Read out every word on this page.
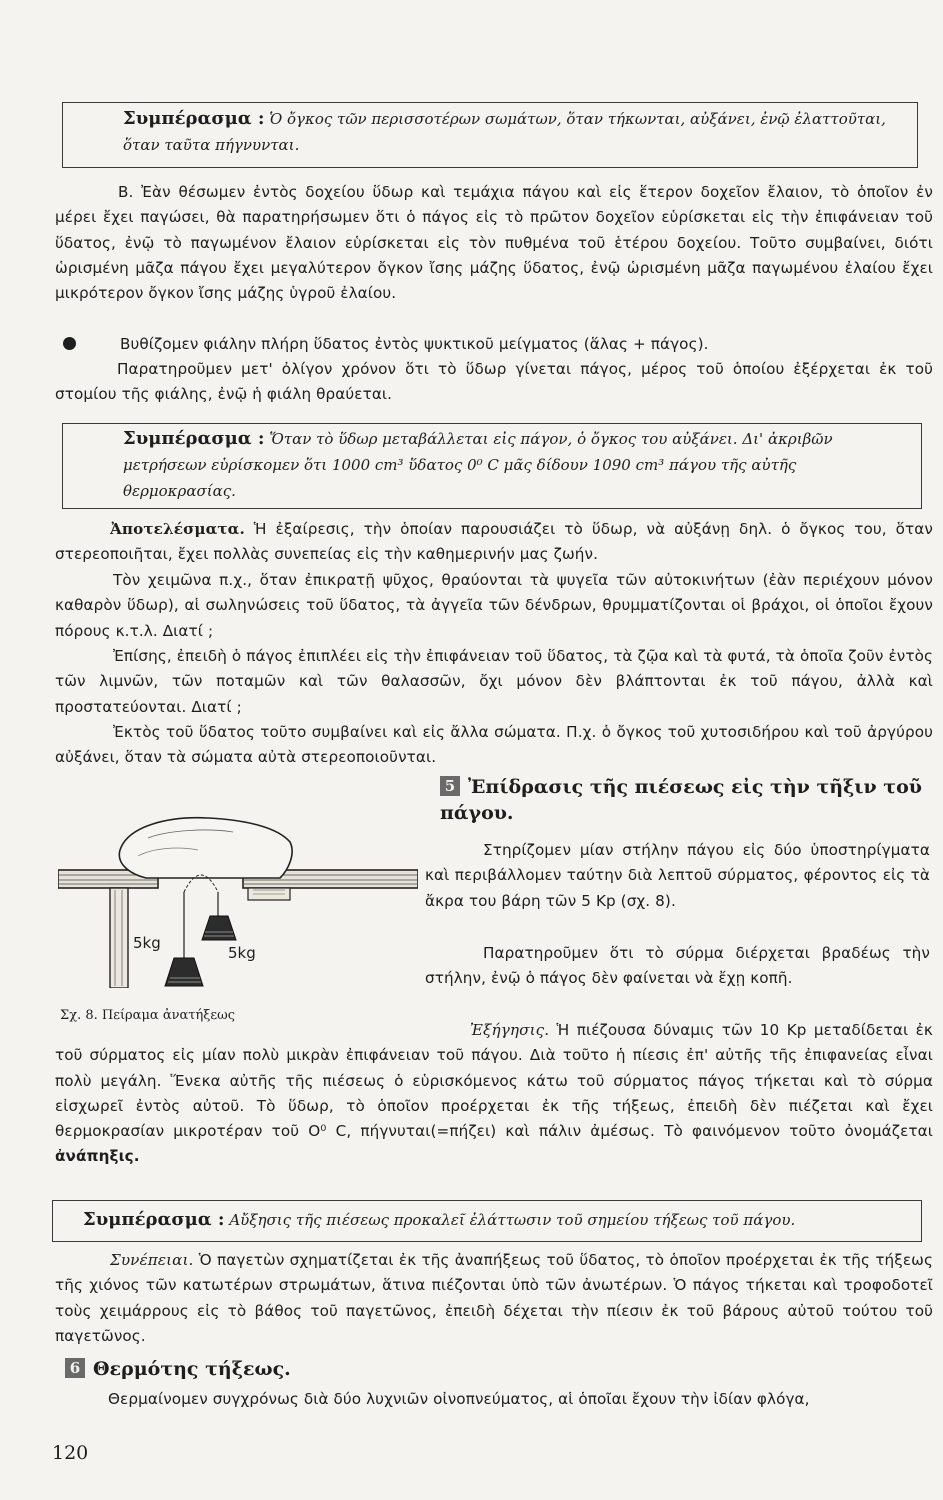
Συμπέρασμα : Ὁ ὄγκος τῶν περισσοτέρων σωμάτων, ὅταν τήκωνται, αὐξάνει, ἐνῷ ἐλαττοῦται, ὅταν ταῦτα πήγνυνται.
Β. Ἐὰν θέσωμεν ἐντὸς δοχείου ὕδωρ καὶ τεμάχια πάγου καὶ εἰς ἕτερον δοχεῖον ἔλαιον, τὸ ὁποῖον ἐν μέρει ἔχει παγώσει, θὰ παρατηρήσωμεν ὅτι ὁ πάγος εἰς τὸ πρῶτον δοχεῖον εὑρίσκεται εἰς τὴν ἐπιφάνειαν τοῦ ὕδατος, ἐνῷ τὸ παγωμένον ἔλαιον εὑρίσκεται εἰς τὸν πυθμένα τοῦ ἑτέρου δοχείου. Τοῦτο συμβαίνει, διότι ὡρισμένη μᾶζα πάγου ἔχει μεγαλύτερον ὄγκον ἴσης μάζης ὕδατος, ἐνῷ ὡρισμένη μᾶζα παγωμένου ἐλαίου ἔχει μικρότερον ὄγκον ἴσης μάζης ὑγροῦ ἐλαίου.
Βυθίζομεν φιάλην πλήρη ὕδατος ἐντὸς ψυκτικοῦ μείγματος (ἅλας + πάγος).
Παρατηροῦμεν μετ' ὀλίγον χρόνον ὅτι τὸ ὕδωρ γίνεται πάγος, μέρος τοῦ ὁποίου ἐξέρχεται ἐκ τοῦ στομίου τῆς φιάλης, ἐνῷ ἡ φιάλη θραύεται.
Συμπέρασμα : Ὅταν τὸ ὕδωρ μεταβάλλεται εἰς πάγον, ὁ ὄγκος του αὐξάνει. Δι' ἀκριβῶν μετρήσεων εὑρίσκομεν ὅτι 1000 cm³ ὕδατος 0⁰ C μᾶς δίδουν 1090 cm³ πάγου τῆς αὐτῆς θερμοκρασίας.
Ἀποτελέσματα. Ἡ ἐξαίρεσις, τὴν ὁποίαν παρουσιάζει τὸ ὕδωρ, νὰ αὐξάνῃ δηλ. ὁ ὄγκος του, ὅταν στερεοποιῆται, ἔχει πολλὰς συνεπείας εἰς τὴν καθημερινήν μας ζωήν.
Τὸν χειμῶνα π.χ., ὅταν ἐπικρατῇ ψῦχος, θραύονται τὰ ψυγεῖα τῶν αὐτοκινήτων (ἐὰν περιέχουν μόνον καθαρὸν ὕδωρ), αἱ σωληνώσεις τοῦ ὕδατος, τὰ ἀγγεῖα τῶν δένδρων, θρυμματίζονται οἱ βράχοι, οἱ ὁποῖοι ἔχουν πόρους κ.τ.λ. Διατί ;
Ἐπίσης, ἐπειδὴ ὁ πάγος ἐπιπλέει εἰς τὴν ἐπιφάνειαν τοῦ ὕδατος, τὰ ζῷα καὶ τὰ φυτά, τὰ ὁποῖα ζοῦν ἐντὸς τῶν λιμνῶν, τῶν ποταμῶν καὶ τῶν θαλασσῶν, ὄχι μόνον δὲν βλάπτονται ἐκ τοῦ πάγου, ἀλλὰ καὶ προστατεύονται. Διατί ;
Ἐκτὸς τοῦ ὕδατος τοῦτο συμβαίνει καὶ εἰς ἄλλα σώματα. Π.χ. ὁ ὄγκος τοῦ χυτοσιδήρου καὶ τοῦ ἀργύρου αὐξάνει, ὅταν τὰ σώματα αὐτὰ στερεοποιοῦνται.
5 Ἐπίδρασις τῆς πιέσεως εἰς τὴν τῆξιν τοῦ πάγου.
5kg
5kg
Σχ. 8. Πείραμα ἀνατήξεως
Στηρίζομεν μίαν στήλην πάγου εἰς δύο ὑποστηρίγματα καὶ περιβάλλομεν ταύτην διὰ λεπτοῦ σύρματος, φέροντος εἰς τὰ ἄκρα του βάρη τῶν 5 Kp (σχ. 8).
Παρατηροῦμεν ὅτι τὸ σύρμα διέρχεται βραδέως τὴν στήλην, ἐνῷ ὁ πάγος δὲν φαίνεται νὰ ἔχῃ κοπῆ.
Ἐξήγησις. Ἡ πιέζουσα δύναμις τῶν 10 Kp μεταδίδεται ἐκ τοῦ σύρματος εἰς μίαν πολὺ μικρὰν ἐπιφάνειαν τοῦ πάγου. Διὰ τοῦτο ἡ πίεσις ἐπ' αὐτῆς τῆς ἐπιφανείας εἶναι πολὺ μεγάλη. Ἕνεκα αὐτῆς τῆς πιέσεως ὁ εὑρισκόμενος κάτω τοῦ σύρματος πάγος τήκεται καὶ τὸ σύρμα εἰσχωρεῖ ἐντὸς αὐτοῦ. Τὸ ὕδωρ, τὸ ὁποῖον προέρχεται ἐκ τῆς τήξεως, ἐπειδὴ δὲν πιέζεται καὶ ἔχει θερμοκρασίαν μικροτέραν τοῦ O⁰ C, πήγνυται(=πήζει) καὶ πάλιν ἀμέσως. Τὸ φαινόμενον τοῦτο ὀνομάζεται ἀνάπηξις.
Συμπέρασμα : Αὔξησις τῆς πιέσεως προκαλεῖ ἐλάττωσιν τοῦ σημείου τήξεως τοῦ πάγου.
Συνέπειαι. Ὁ παγετὼν σχηματίζεται ἐκ τῆς ἀναπήξεως τοῦ ὕδατος, τὸ ὁποῖον προέρχεται ἐκ τῆς τήξεως τῆς χιόνος τῶν κατωτέρων στρωμάτων, ἅτινα πιέζονται ὑπὸ τῶν ἀνωτέρων. Ὁ πάγος τήκεται καὶ τροφοδοτεῖ τοὺς χειμάρρους εἰς τὸ βάθος τοῦ παγετῶνος, ἐπειδὴ δέχεται τὴν πίεσιν ἐκ τοῦ βάρους αὐτοῦ τούτου τοῦ παγετῶνος.
6 Θερμότης τήξεως.
Θερμαίνομεν συγχρόνως διὰ δύο λυχνιῶν οἰνοπνεύματος, αἱ ὁποῖαι ἔχουν τὴν ἰδίαν φλόγα,
120
